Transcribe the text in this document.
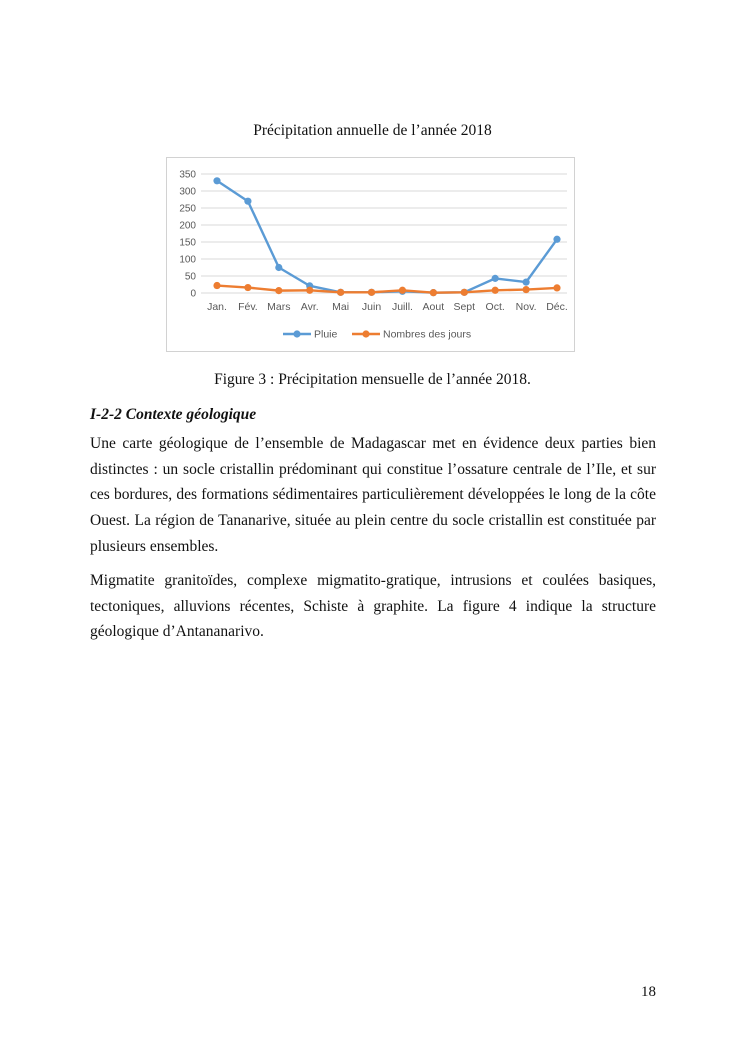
Précipitation annuelle de l’année 2018
0
50
100
150
200
250
300
350
Jan. Fév. Mars Avr. Mai Juin Juill. Aout Sept Oct. Nov. Déc.
Pluie	Nombres des jours
Figure 3 : Précipitation mensuelle de l’année 2018.
I-2-2 Contexte géologique

Une carte géologique de l’ensemble de Madagascar met en évidence deux parties bien distinctes : un socle cristallin prédominant qui constitue l’ossature centrale de l’Ile, et sur ces bordures, des formations sédimentaires particulièrement développées le long de la côte Ouest. La région de Tananarive, située au plein centre du socle cristallin est constituée par plusieurs ensembles.

Migmatite granitoïdes, complexe migmatito-gratique, intrusions et coulées basiques, tectoniques, alluvions récentes, Schiste à graphite. La figure 4 indique la structure géologique d’Antananarivo.

18
